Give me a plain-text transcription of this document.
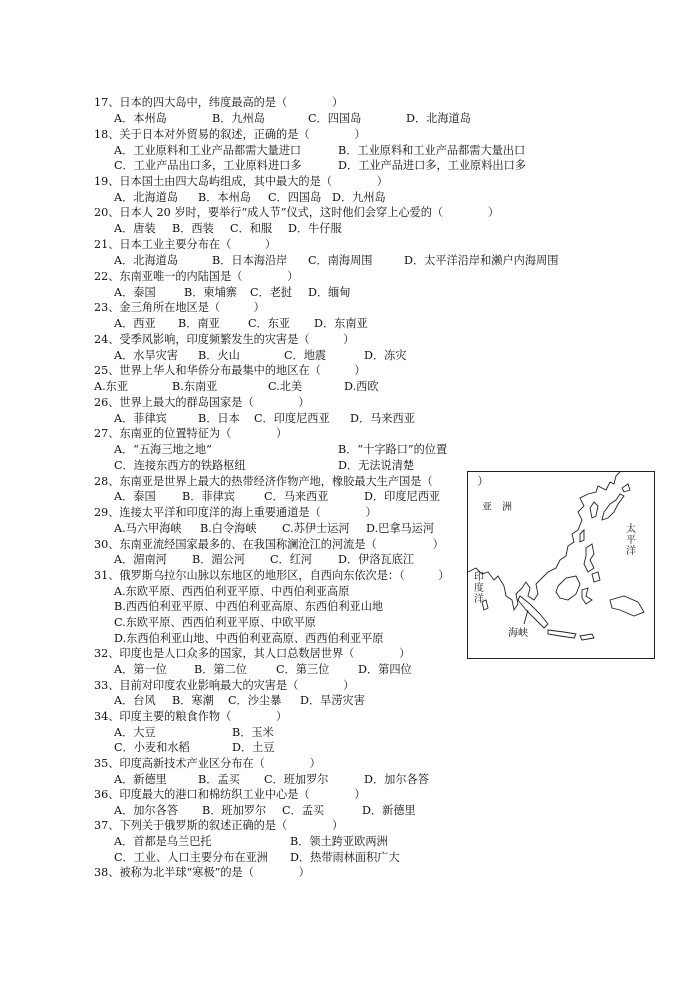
17、日本的四大岛中，纬度最高的是（　　　　）
A．本州岛	B．九州岛	C．四国岛	D．北海道岛
18、关于日本对外贸易的叙述，正确的是（　　　　）
A．工业原料和工业产品都需大量进口	B．工业原料和工业产品都需大量出口
C．工业产品出口多，工业原料进口多	D．工业产品进口多，工业原料出口多
19、日本国土由四大岛屿组成，其中最大的是（　　　　）
A．北海道岛 B．本州岛 C．四国岛 D．九州岛
20、日本人 20 岁时，要举行“成人节”仪式，这时他们会穿上心爱的（　　　　）
A．唐装 B．西装 C．和服 D．牛仔服
21、日本工业主要分布在（　　　）
A．北海道岛	B．日本海沿岸 C．南海周围	D．太平洋沿岸和濑户内海周围
22、东南亚唯一的内陆国是（　　　　）
A．泰国	B．柬埔寨 C．老挝 D．缅甸
23、金三角所在地区是（　　　）
A．西亚 B．南亚	C．东亚 D．东南亚
24、受季风影响，印度频繁发生的灾害是（　　　）
A．水旱灾害 B．火山	C．地震	D．冻灾
25、世界上华人和华侨分布最集中的地区在（　　　）
A.东亚	B.东南亚	C.北美	D.西欧
26、世界上最大的群岛国家是（　　　　）
A．菲律宾	B．日本 C．印度尼西亚 D．马来西亚
27、东南亚的位置特征为（　　　　）
A．“五海三地之地”	B．“十字路口”的位置
C．连接东西方的铁路枢纽	D．无法说清楚
28、东南亚是世界上最大的热带经济作物产地，橡胶最大生产国是（　　　　）
A．泰国 B．菲律宾	C．马来西亚	D．印度尼西亚
29、连接太平洋和印度洋的海上重要通道是（　　　　）
A.马六甲海峡 B.白令海峡 C.苏伊士运河 D.巴拿马运河
30、东南亚流经国家最多的、在我国称澜沧江的河流是（　　　　　）
A．湄南河 B．湄公河 C．红河 D．伊洛瓦底江
31、俄罗斯乌拉尔山脉以东地区的地形区，自西向东依次是：（　　　）
A.东欧平原、西西伯利亚平原、中西伯利亚高原
B.西西伯利亚平原、中西伯利亚高原、东西伯利亚山地
C.东欧平原、西西伯利亚平原、中欧平原
D.东西伯利亚山地、中西伯利亚高原、西西伯利亚平原
32、印度也是人口众多的国家，其人口总数居世界（　　　　）
A．第一位 B．第二位	C．第三位	D．第四位
33、目前对印度农业影响最大的灾害是（　　　　）
A．台风 B．寒潮 C．沙尘暴 D．旱涝灾害
34、印度主要的粮食作物（　　　　）
A．大豆	B．玉米
C．小麦和水稻	D．土豆
35、印度高新技术产业区分布在（　　　　）
A．新德里	B．孟买 C．班加罗尔	D．加尔各答
36、印度最大的港口和棉纺织工业中心是（　　　　）
A．加尔各答 B．班加罗尔 C．孟买	D．新德里
37、下列关于俄罗斯的叙述正确的是（　　　　）
A．首都是乌兰巴托	B．领土跨亚欧两洲
C．工业、人口主要分布在亚洲 D．热带雨林面积广大
38、被称为北半球“寒极”的是（　　　　）
亚　洲
太平洋
印度洋
海峡
